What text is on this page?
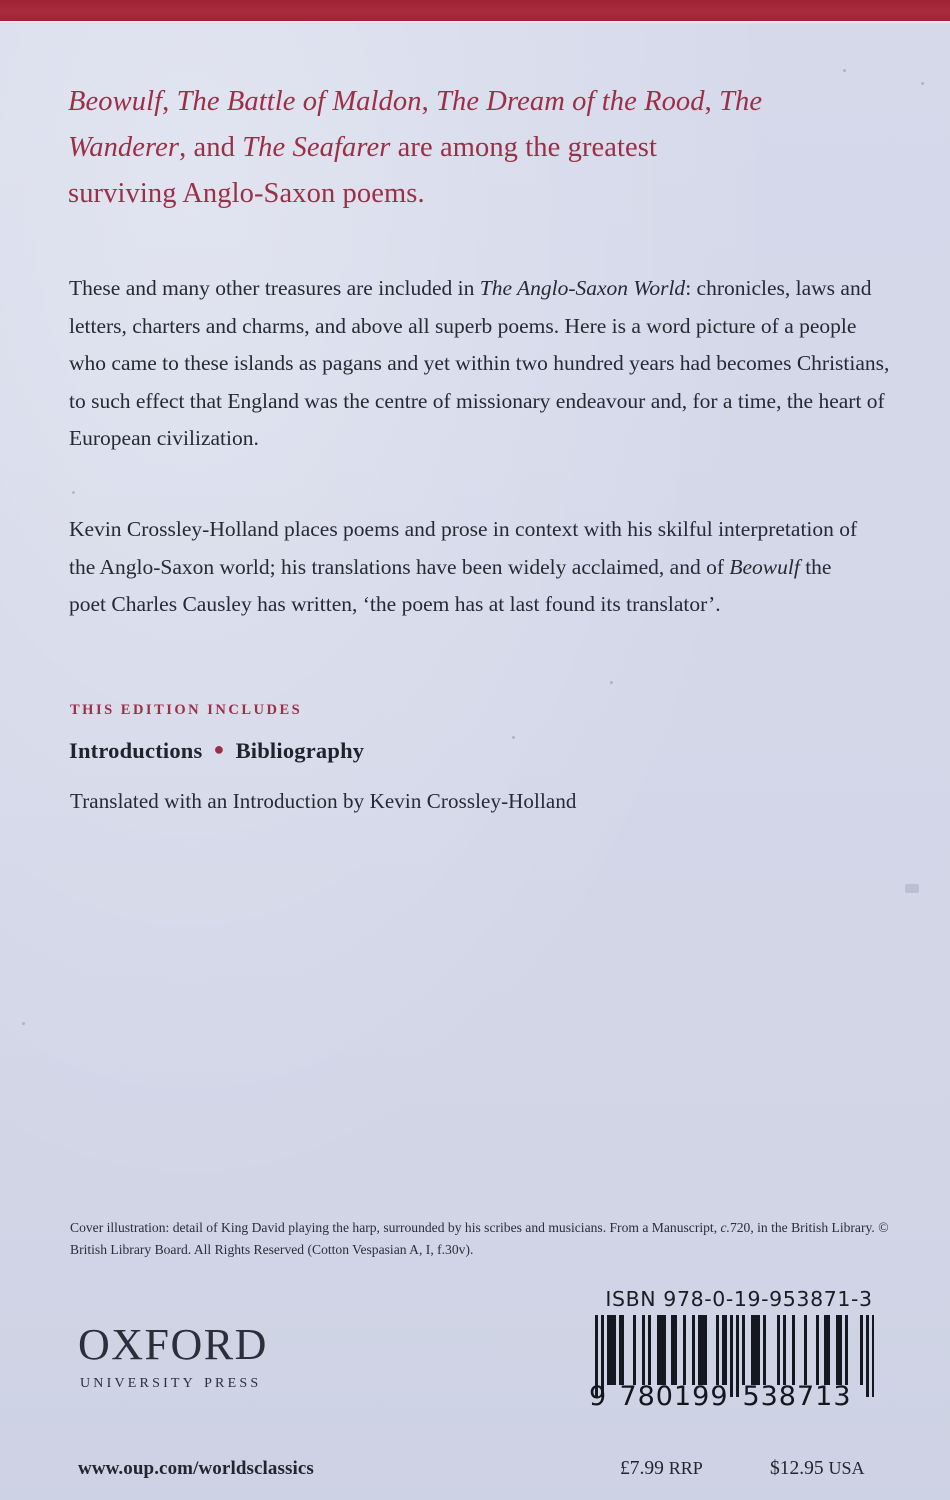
Beowulf, The Battle of Maldon, The Dream of the Rood, The Wanderer, and The Seafarer are among the greatest surviving Anglo-Saxon poems.
These and many other treasures are included in The Anglo-Saxon World: chronicles, laws and letters, charters and charms, and above all superb poems. Here is a word picture of a people who came to these islands as pagans and yet within two hundred years had becomes Christians, to such effect that England was the centre of missionary endeavour and, for a time, the heart of European civilization.
Kevin Crossley-Holland places poems and prose in context with his skilful interpretation of the Anglo-Saxon world; his translations have been widely acclaimed, and of Beowulf the poet Charles Causley has written, ‘the poem has at last found its translator’.
THIS EDITION INCLUDES
Introductions ● Bibliography
Translated with an Introduction by Kevin Crossley-Holland
Cover illustration: detail of King David playing the harp, surrounded by his scribes and musicians. From a Manuscript, c.720, in the British Library. © British Library Board. All Rights Reserved (Cotton Vespasian A, I, f.30v).
OXFORD
university press
ISBN 978-0-19-953871-3
9 780199 538713
www.oup.com/worldsclassics	£7.99 RRP	$12.95 USA
